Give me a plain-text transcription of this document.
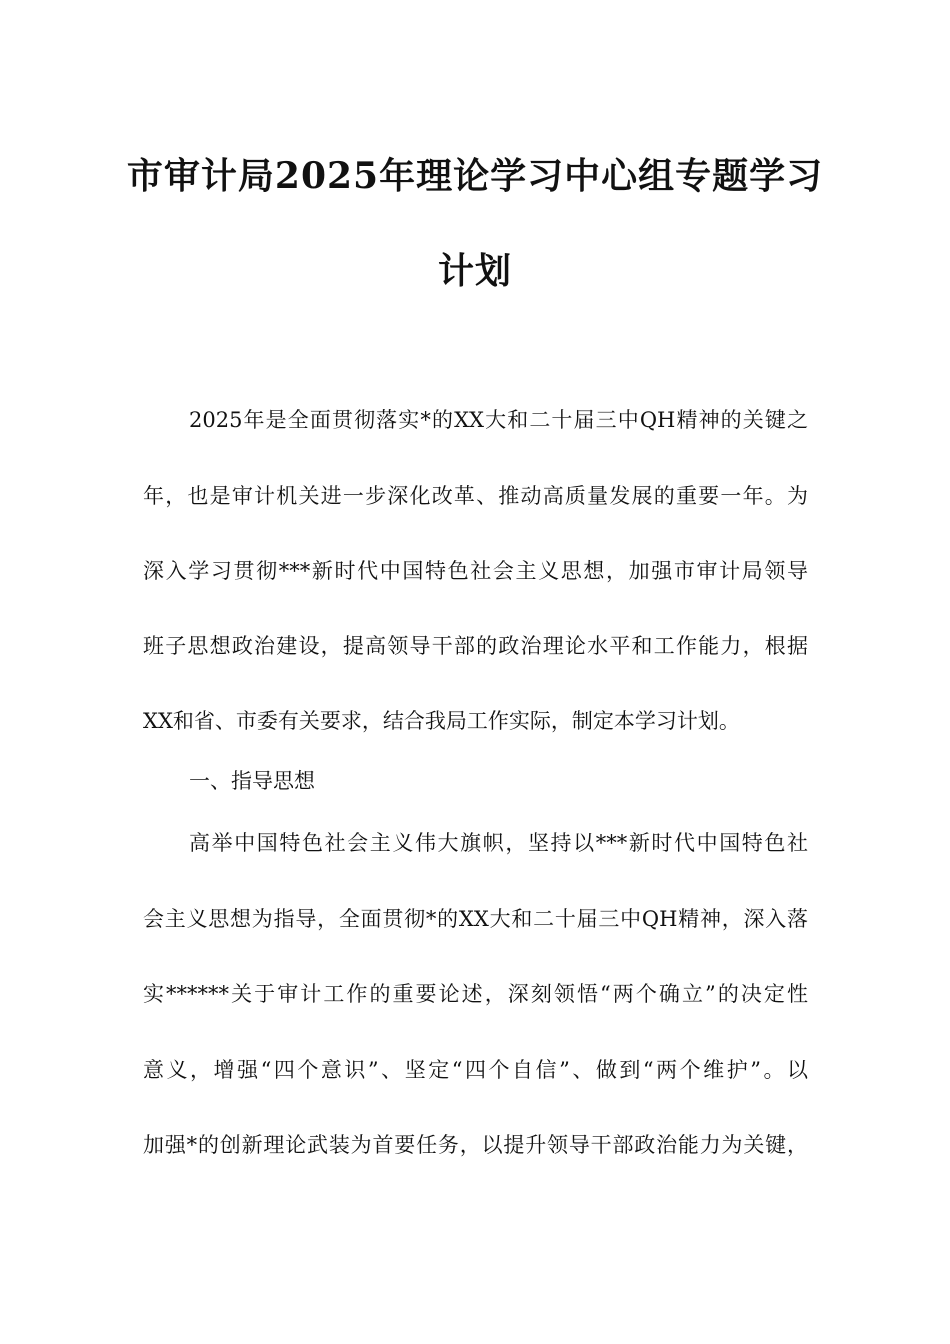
市审计局2025年理论学习中心组专题学习
计划
2025年是全面贯彻落实*的XX大和二十届三中QH精神的关键之
年，也是审计机关进一步深化改革、推动高质量发展的重要一年。为
深入学习贯彻***新时代中国特色社会主义思想，加强市审计局领导
班子思想政治建设，提高领导干部的政治理论水平和工作能力，根据
XX和省、市委有关要求，结合我局工作实际，制定本学习计划。
一、指导思想
高举中国特色社会主义伟大旗帜，坚持以***新时代中国特色社
会主义思想为指导，全面贯彻*的XX大和二十届三中QH精神，深入落
实******关于审计工作的重要论述，深刻领悟“两个确立”的决定性
意义，增强“四个意识”、坚定“四个自信”、做到“两个维护”。以
加强*的创新理论武装为首要任务，以提升领导干部政治能力为关键，
